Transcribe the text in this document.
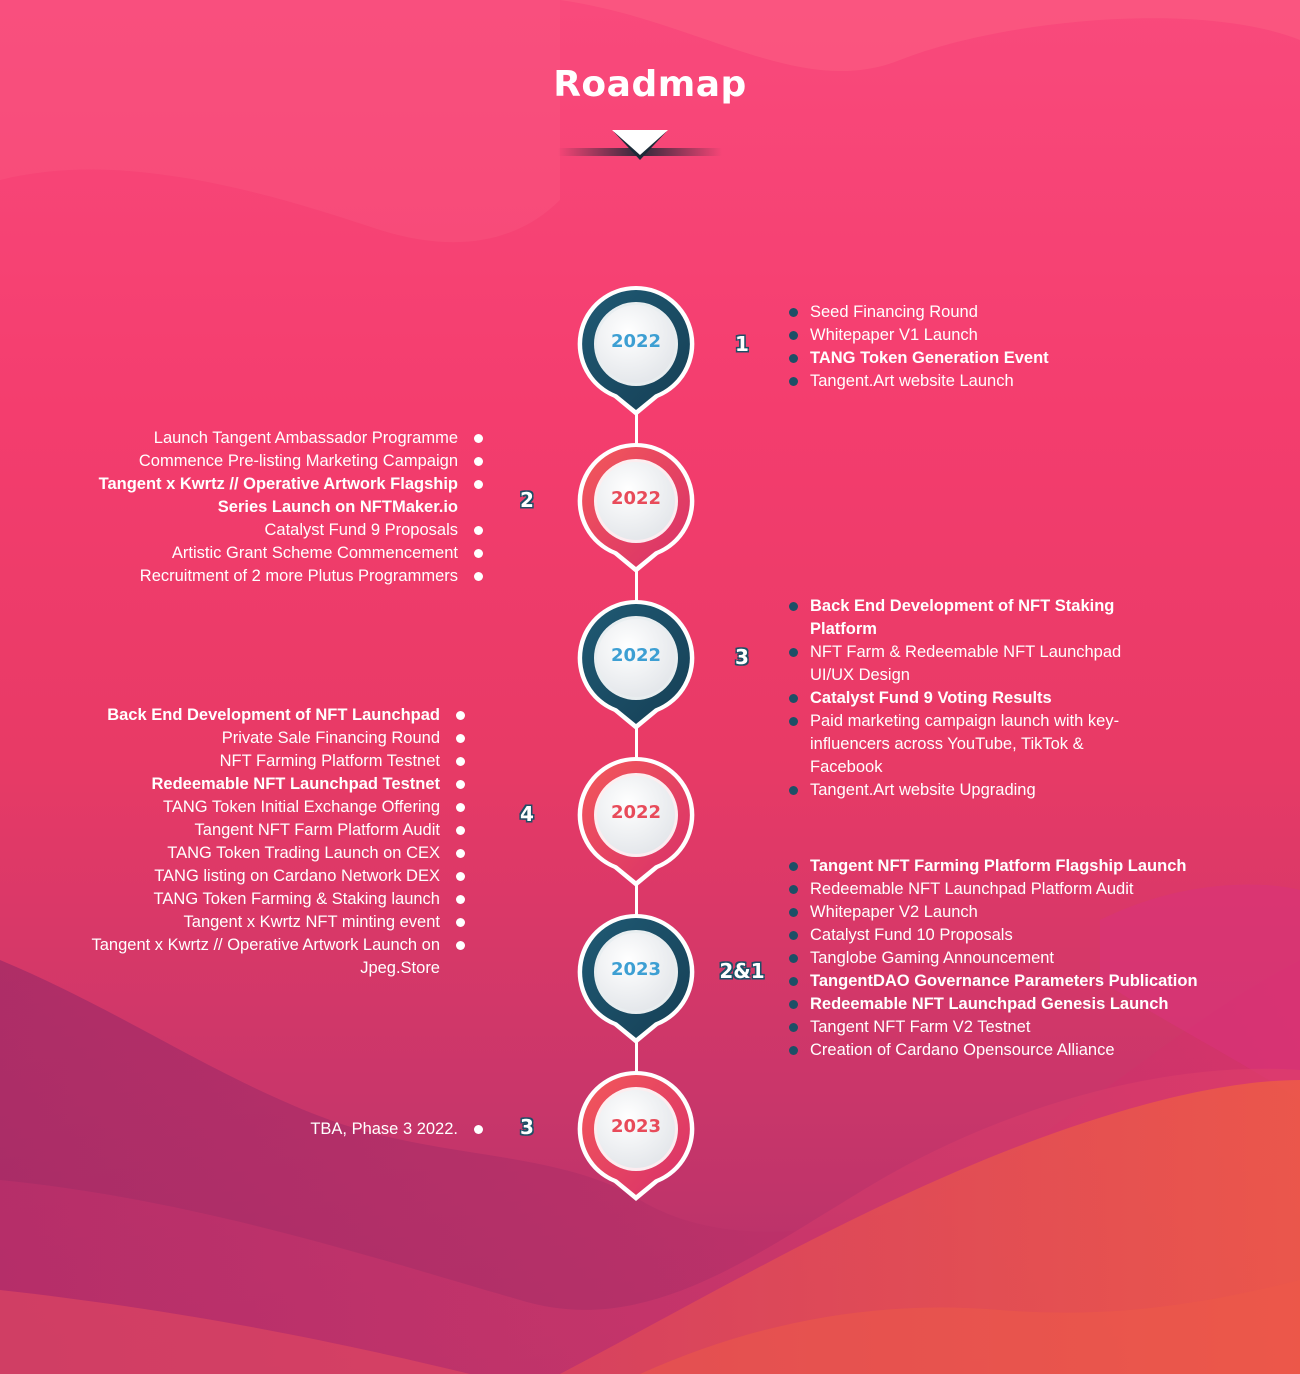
Roadmap
2022	1
Seed Financing Round
Whitepaper V1 Launch
TANG Token Generation Event
Tangent.Art website Launch
2022
2
Launch Tangent Ambassador Programme
Commence Pre-listing Marketing Campaign
Tangent x Kwrtz // Operative Artwork Flagship Series Launch on NFTMaker.io
Catalyst Fund 9 Proposals
Artistic Grant Scheme Commencement
Recruitment of 2 more Plutus Programmers
2022	3
Back End Development of NFT Staking Platform
NFT Farm & Redeemable NFT Launchpad UI/UX Design
Catalyst Fund 9 Voting Results
Paid marketing campaign launch with key-influencers across YouTube, TikTok & Facebook
Tangent.Art website Upgrading
2022
4
Back End Development of NFT Launchpad
Private Sale Financing Round
NFT Farming Platform Testnet
Redeemable NFT Launchpad Testnet
TANG Token Initial Exchange Offering
Tangent NFT Farm Platform Audit
TANG Token Trading Launch on CEX
TANG listing on Cardano Network DEX
TANG Token Farming & Staking launch
Tangent x Kwrtz NFT minting event
Tangent x Kwrtz // Operative Artwork Launch on Jpeg.Store	2023	2&1
Tangent NFT Farming Platform Flagship Launch
Redeemable NFT Launchpad Platform Audit
Whitepaper V2 Launch
Catalyst Fund 10 Proposals
Tanglobe Gaming Announcement
TangentDAO Governance Parameters Publication
Redeemable NFT Launchpad Genesis Launch
Tangent NFT Farm V2 Testnet
Creation of Cardano Opensource Alliance
2023
3
TBA, Phase 3 2022.
